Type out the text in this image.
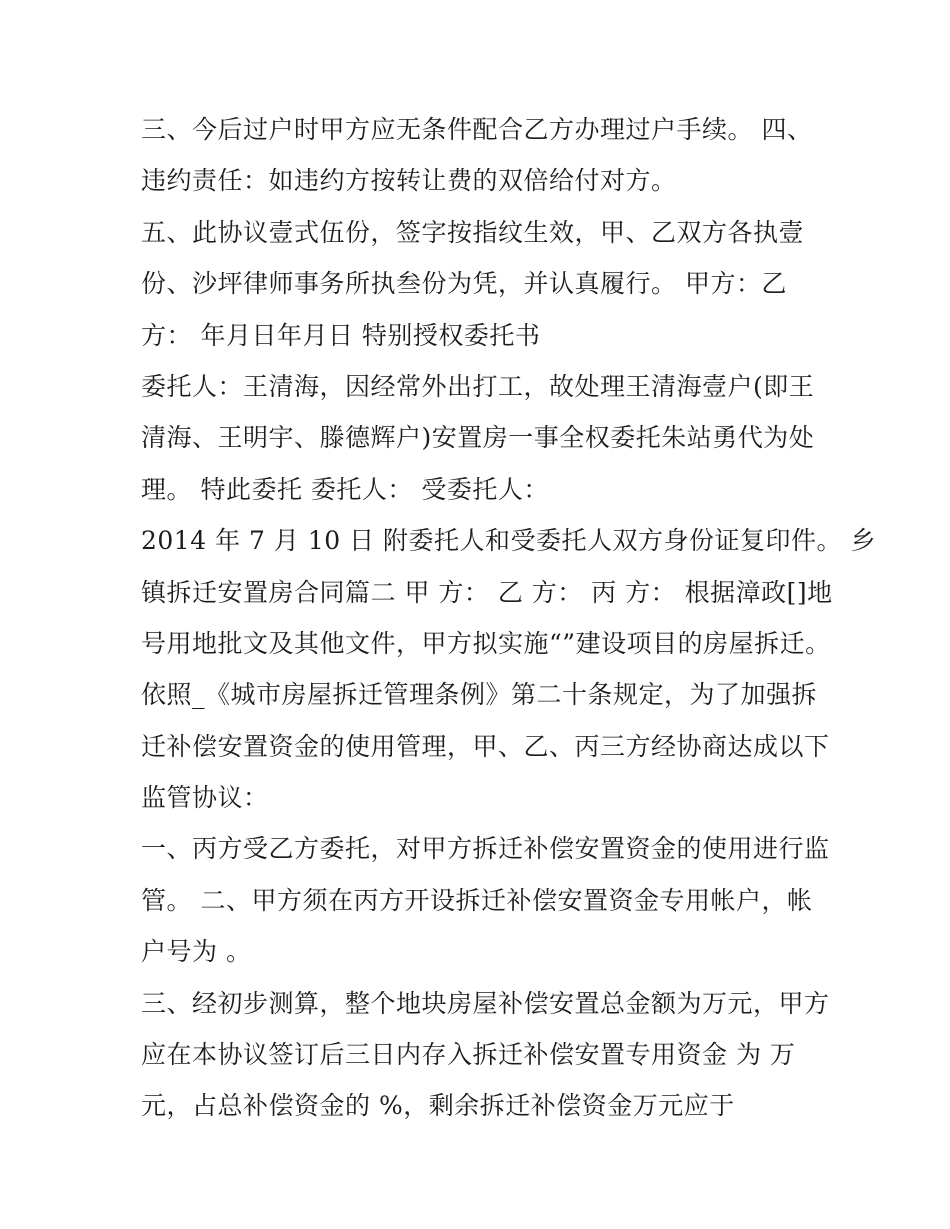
三、今后过户时甲方应无条件配合乙方办理过户手续。 四、
违约责任：如违约方按转让费的双倍给付对方。
五、此协议壹式伍份，签字按指纹生效，甲、乙双方各执壹
份、沙坪律师事务所执叁份为凭，并认真履行。 甲方：乙
方： 年月日年月日 特别授权委托书
委托人：王清海，因经常外出打工，故处理王清海壹户(即王
清海、王明宇、滕德辉户)安置房一事全权委托朱站勇代为处
理。 特此委托 委托人： 受委托人：
2014 年 7 月 10 日 附委托人和受委托人双方身份证复印件。 乡
镇拆迁安置房合同篇二 甲 方： 乙 方： 丙 方： 根据漳政[]地
号用地批文及其他文件，甲方拟实施“”建设项目的房屋拆迁。
依照_《城市房屋拆迁管理条例》第二十条规定，为了加强拆
迁补偿安置资金的使用管理，甲、乙、丙三方经协商达成以下
监管协议：
一、丙方受乙方委托，对甲方拆迁补偿安置资金的使用进行监
管。 二、甲方须在丙方开设拆迁补偿安置资金专用帐户，帐
户号为 。
三、经初步测算，整个地块房屋补偿安置总金额为万元，甲方
应在本协议签订后三日内存入拆迁补偿安置专用资金 为 万
元，占总补偿资金的 %，剩余拆迁补偿资金万元应于
